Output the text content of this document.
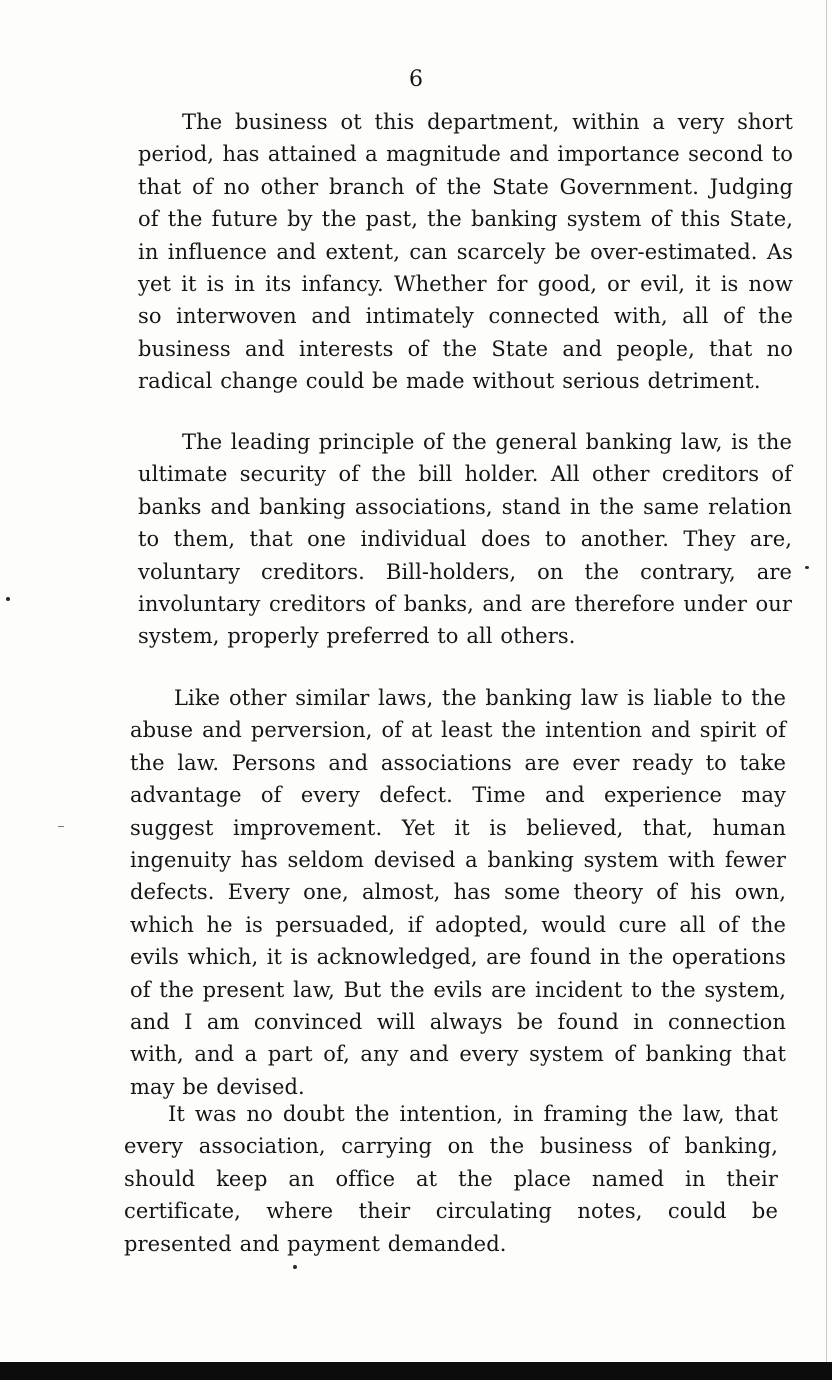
6

The business ot this department, within a very short period, has attained a magnitude and importance second to that of no other branch of the State Government. Judging of the future by the past, the banking system of this State, in influence and extent, can scarcely be over-estimated. As yet it is in its infancy. Whether for good, or evil, it is now so interwoven and intimately connected with, all of the business and interests of the State and people, that no radical change could be made without serious detriment.

The leading principle of the general banking law, is the ultimate security of the bill holder. All other creditors of banks and banking associations, stand in the same relation to them, that one individual does to another. They are, voluntary creditors. Bill-holders, on the contrary, are involuntary creditors of banks, and are therefore under our system, properly preferred to all others.

Like other similar laws, the banking law is liable to the abuse and perversion, of at least the intention and spirit of the law. Persons and associations are ever ready to take advantage of every defect. Time and experience may suggest improvement. Yet it is believed, that, human ingenuity has seldom devised a banking system with fewer defects. Every one, almost, has some theory of his own, which he is persuaded, if adopted, would cure all of the evils which, it is acknowledged, are found in the operations of the present law, But the evils are incident to the system, and I am convinced will always be found in connection with, and a part of, any and every system of banking that may be devised.

It was no doubt the intention, in framing the law, that every association, carrying on the business of banking, should keep an office at the place named in their certificate, where their circulating notes, could be presented and payment demanded.
